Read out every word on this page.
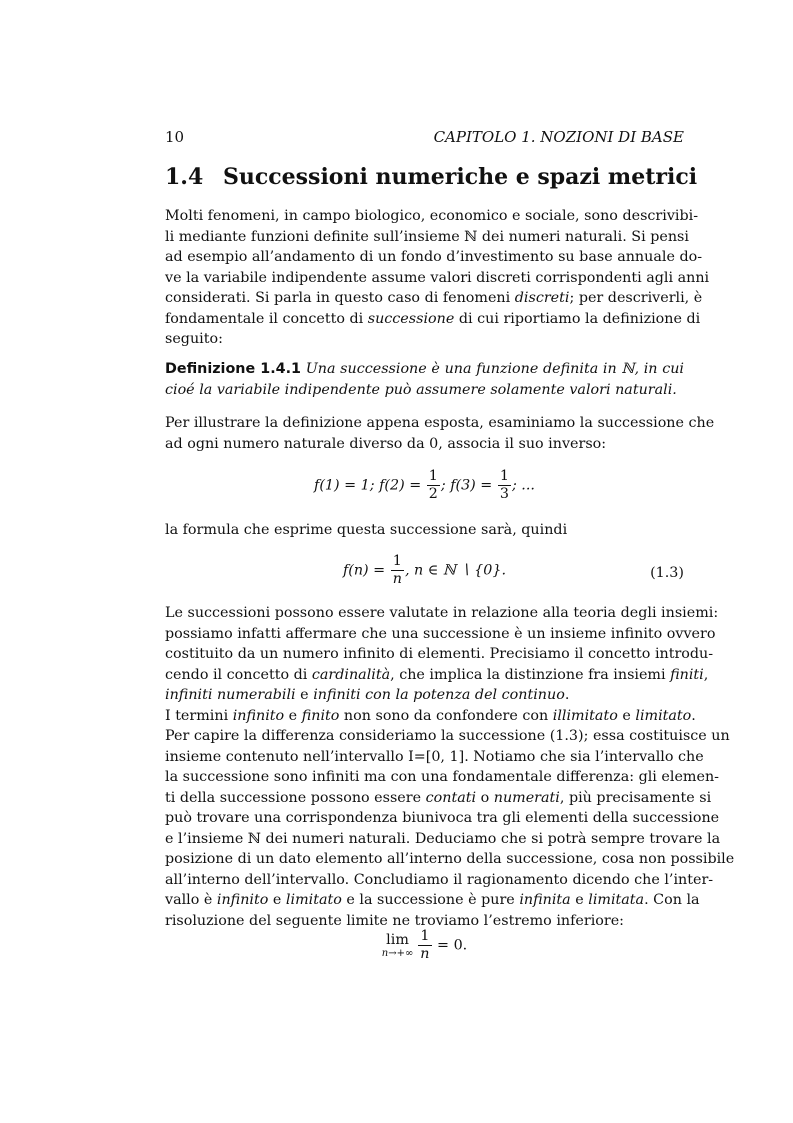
10	CAPITOLO 1. NOZIONI DI BASE
1.4 Successioni numeriche e spazi metrici
Molti fenomeni, in campo biologico, economico e sociale, sono descrivibi-
li mediante funzioni definite sull’insieme ℕ dei numeri naturali. Si pensi
ad esempio all’andamento di un fondo d’investimento su base annuale do-
ve la variabile indipendente assume valori discreti corrispondenti agli anni
considerati. Si parla in questo caso di fenomeni discreti; per descriverli, è
fondamentale il concetto di successione di cui riportiamo la definizione di
seguito:
Definizione 1.4.1 Una successione è una funzione definita in ℕ, in cui
cioé la variabile indipendente può assumere solamente valori naturali.
Per illustrare la definizione appena esposta, esaminiamo la successione che
ad ogni numero naturale diverso da 0, associa il suo inverso:
f(1) = 1; $f(2) = \frac{1}{2}$ ; $f(3) = \frac{1}{3}$ ; ...
la formula che esprime questa successione sarà, quindi
$f(n) = \frac{1}{n}$ , n ∈ ℕ ∖ {0}.	(1.3)
Le successioni possono essere valutate in relazione alla teoria degli insiemi:
possiamo infatti affermare che una successione è un insieme infinito ovvero
costituito da un numero infinito di elementi. Precisiamo il concetto introdu-
cendo il concetto di cardinalità, che implica la distinzione fra insiemi finiti,
infiniti numerabili e infiniti con la potenza del continuo.
I termini infinito e finito non sono da confondere con illimitato e limitato.
Per capire la differenza consideriamo la successione (1.3); essa costituisce un
insieme contenuto nell’intervallo I=[0, 1]. Notiamo che sia l’intervallo che
la successione sono infiniti ma con una fondamentale differenza: gli elemen-
ti della successione possono essere contati o numerati, più precisamente si
può trovare una corrispondenza biunivoca tra gli elementi della successione
e l’insieme ℕ dei numeri naturali. Deduciamo che si potrà sempre trovare la
posizione di un dato elemento all’interno della successione, cosa non possibile
all’interno dell’intervallo. Concludiamo il ragionamento dicendo che l’inter-
vallo è infinito e limitato e la successione è pure infinita e limitata. Con la
risoluzione del seguente limite ne troviamo l’estremo inferiore:
lim
$n\to+\infty \frac{1}{n} = 0$.
